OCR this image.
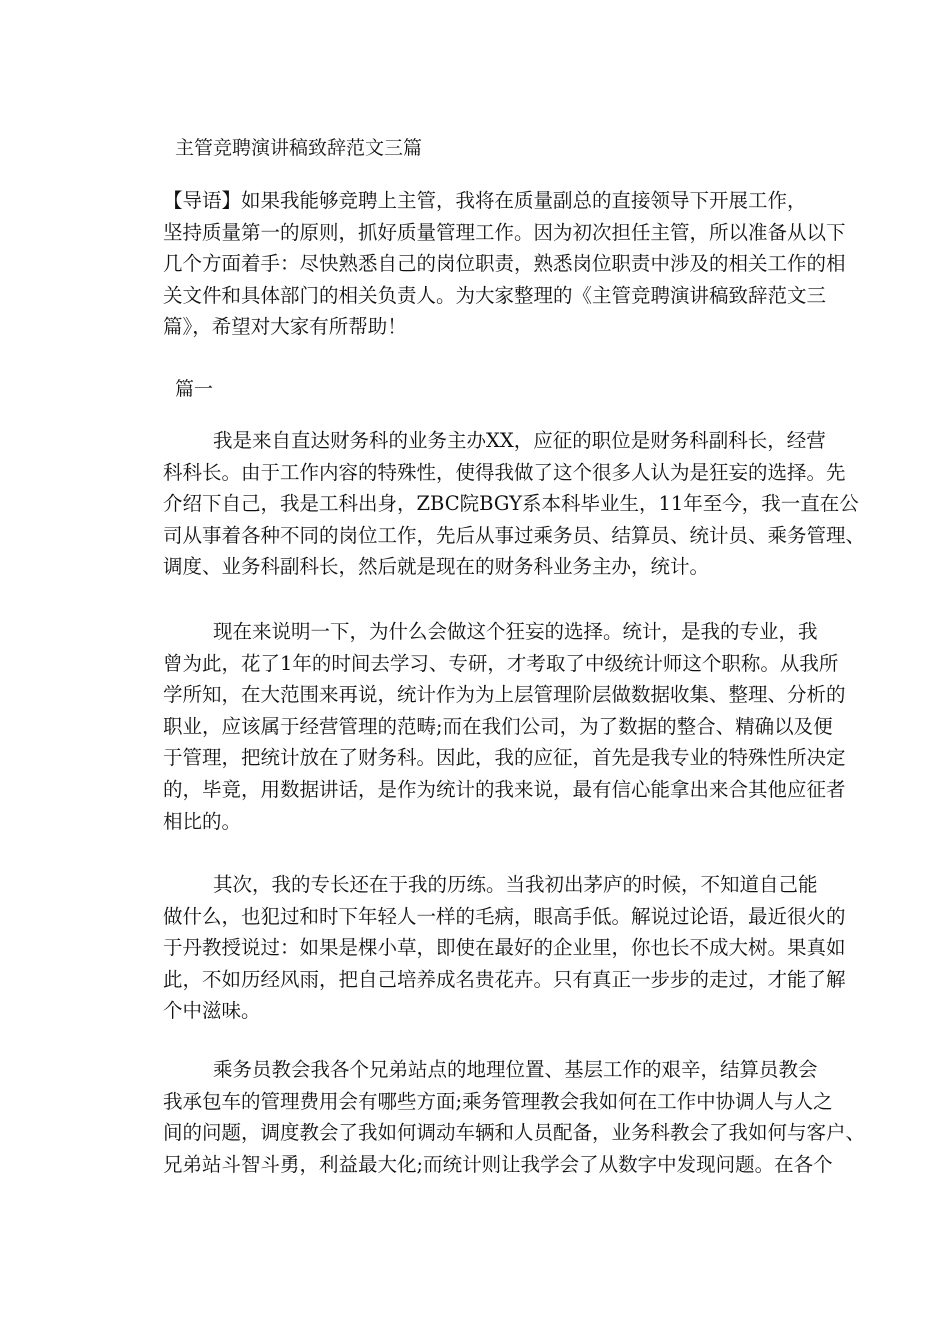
主管竞聘演讲稿致辞范文三篇
【导语】如果我能够竞聘上主管，我将在质量副总的直接领导下开展工作，
坚持质量第一的原则，抓好质量管理工作。因为初次担任主管，所以准备从以下
几个方面着手：尽快熟悉自己的岗位职责，熟悉岗位职责中涉及的相关工作的相
关文件和具体部门的相关负责人。为大家整理的《主管竞聘演讲稿致辞范文三
篇》，希望对大家有所帮助！
篇一
我是来自直达财务科的业务主办XX，应征的职位是财务科副科长，经营
科科长。由于工作内容的特殊性，使得我做了这个很多人认为是狂妄的选择。先
介绍下自己，我是工科出身，ZBC院BGY系本科毕业生，11年至今，我一直在公
司从事着各种不同的岗位工作，先后从事过乘务员、结算员、统计员、乘务管理、
调度、业务科副科长，然后就是现在的财务科业务主办，统计。
现在来说明一下，为什么会做这个狂妄的选择。统计，是我的专业，我
曾为此，花了1年的时间去学习、专研，才考取了中级统计师这个职称。从我所
学所知，在大范围来再说，统计作为为上层管理阶层做数据收集、整理、分析的
职业，应该属于经营管理的范畴;而在我们公司，为了数据的整合、精确以及便
于管理，把统计放在了财务科。因此，我的应征，首先是我专业的特殊性所决定
的，毕竟，用数据讲话，是作为统计的我来说，最有信心能拿出来合其他应征者
相比的。
其次，我的专长还在于我的历练。当我初出茅庐的时候，不知道自己能
做什么，也犯过和时下年轻人一样的毛病，眼高手低。解说过论语，最近很火的
于丹教授说过：如果是棵小草，即使在最好的企业里，你也长不成大树。果真如
此，不如历经风雨，把自己培养成名贵花卉。只有真正一步步的走过，才能了解
个中滋味。
乘务员教会我各个兄弟站点的地理位置、基层工作的艰辛，结算员教会
我承包车的管理费用会有哪些方面;乘务管理教会我如何在工作中协调人与人之
间的问题，调度教会了我如何调动车辆和人员配备，业务科教会了我如何与客户、
兄弟站斗智斗勇，利益最大化;而统计则让我学会了从数字中发现问题。在各个
